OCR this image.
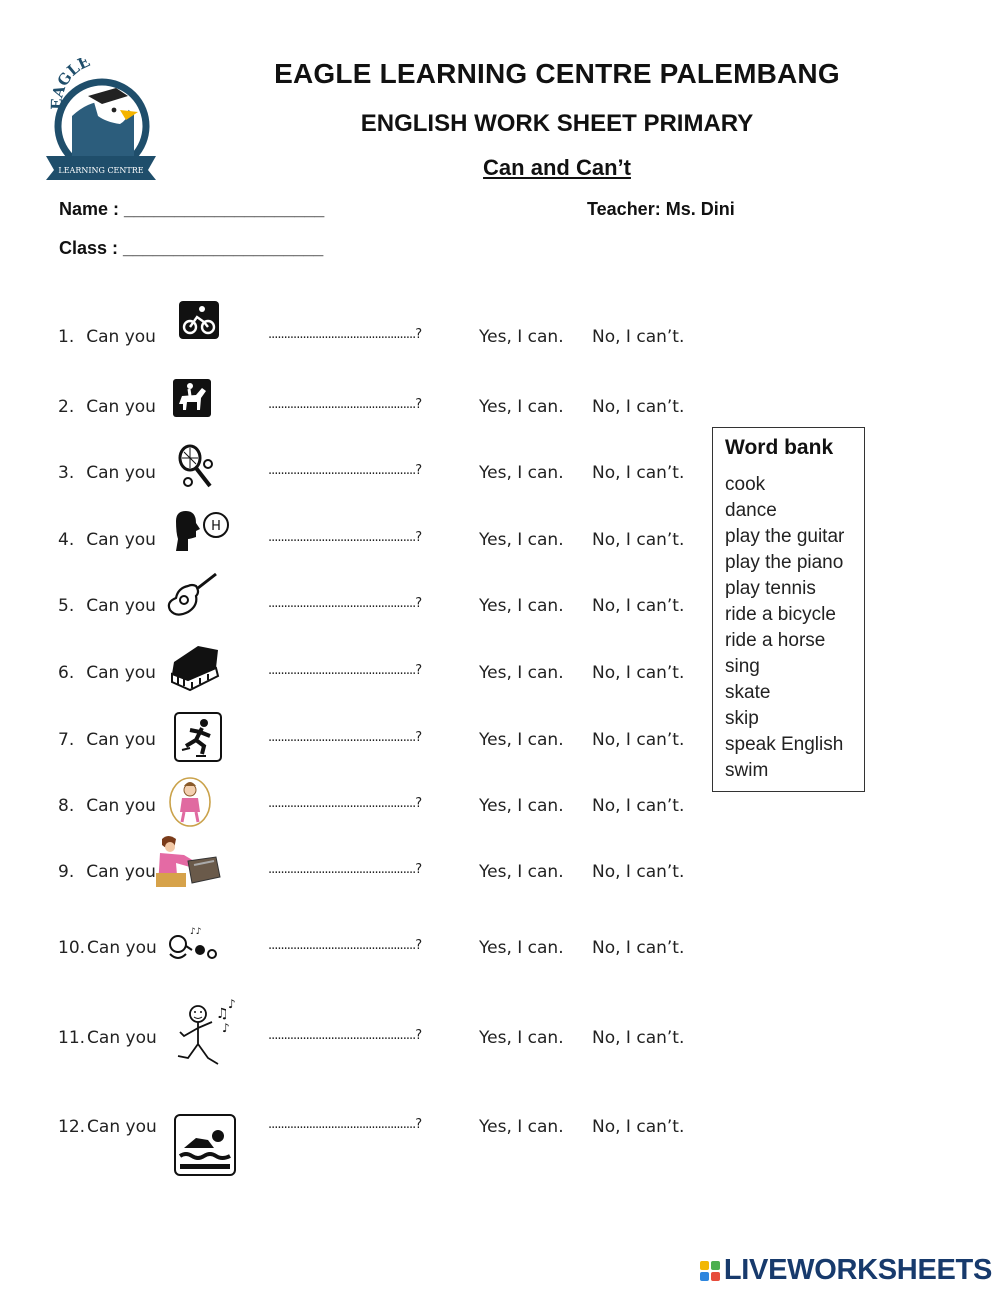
EAGLE
LEARNING CENTRE
EAGLE LEARNING CENTRE PALEMBANG
ENGLISH WORK SHEET PRIMARY
Can and Can’t
Name : ____________________	Teacher: Ms. Dini
Class : ____________________
1. Can you	...............................................?	Yes, I can. No, I can’t.
2. Can you	...............................................?	Yes, I can. No, I can’t.
3. Can you	...............................................?	Yes, I can. No, I can’t.
4. Can you	...............................................?	Yes, I can. No, I can’t.
5. Can you	...............................................?	Yes, I can. No, I can’t.
6. Can you	...............................................?	Yes, I can. No, I can’t.
7. Can you	...............................................?	Yes, I can. No, I can’t.
8. Can you	...............................................?	Yes, I can. No, I can’t.
9. Can you	...............................................?	Yes, I can. No, I can’t.
10. Can you	...............................................?	Yes, I can. No, I can’t.
11. Can you	...............................................?	Yes, I can. No, I can’t.
12. Can you	...............................................?	Yes, I can. No, I can’t.
H
♪♪
♫
♪
♪
Word bank
cook
dance
play the guitar
play the piano
play tennis
ride a bicycle
ride a horse
sing
skate
skip
speak English
swim
LIVEWORKSHEETS
